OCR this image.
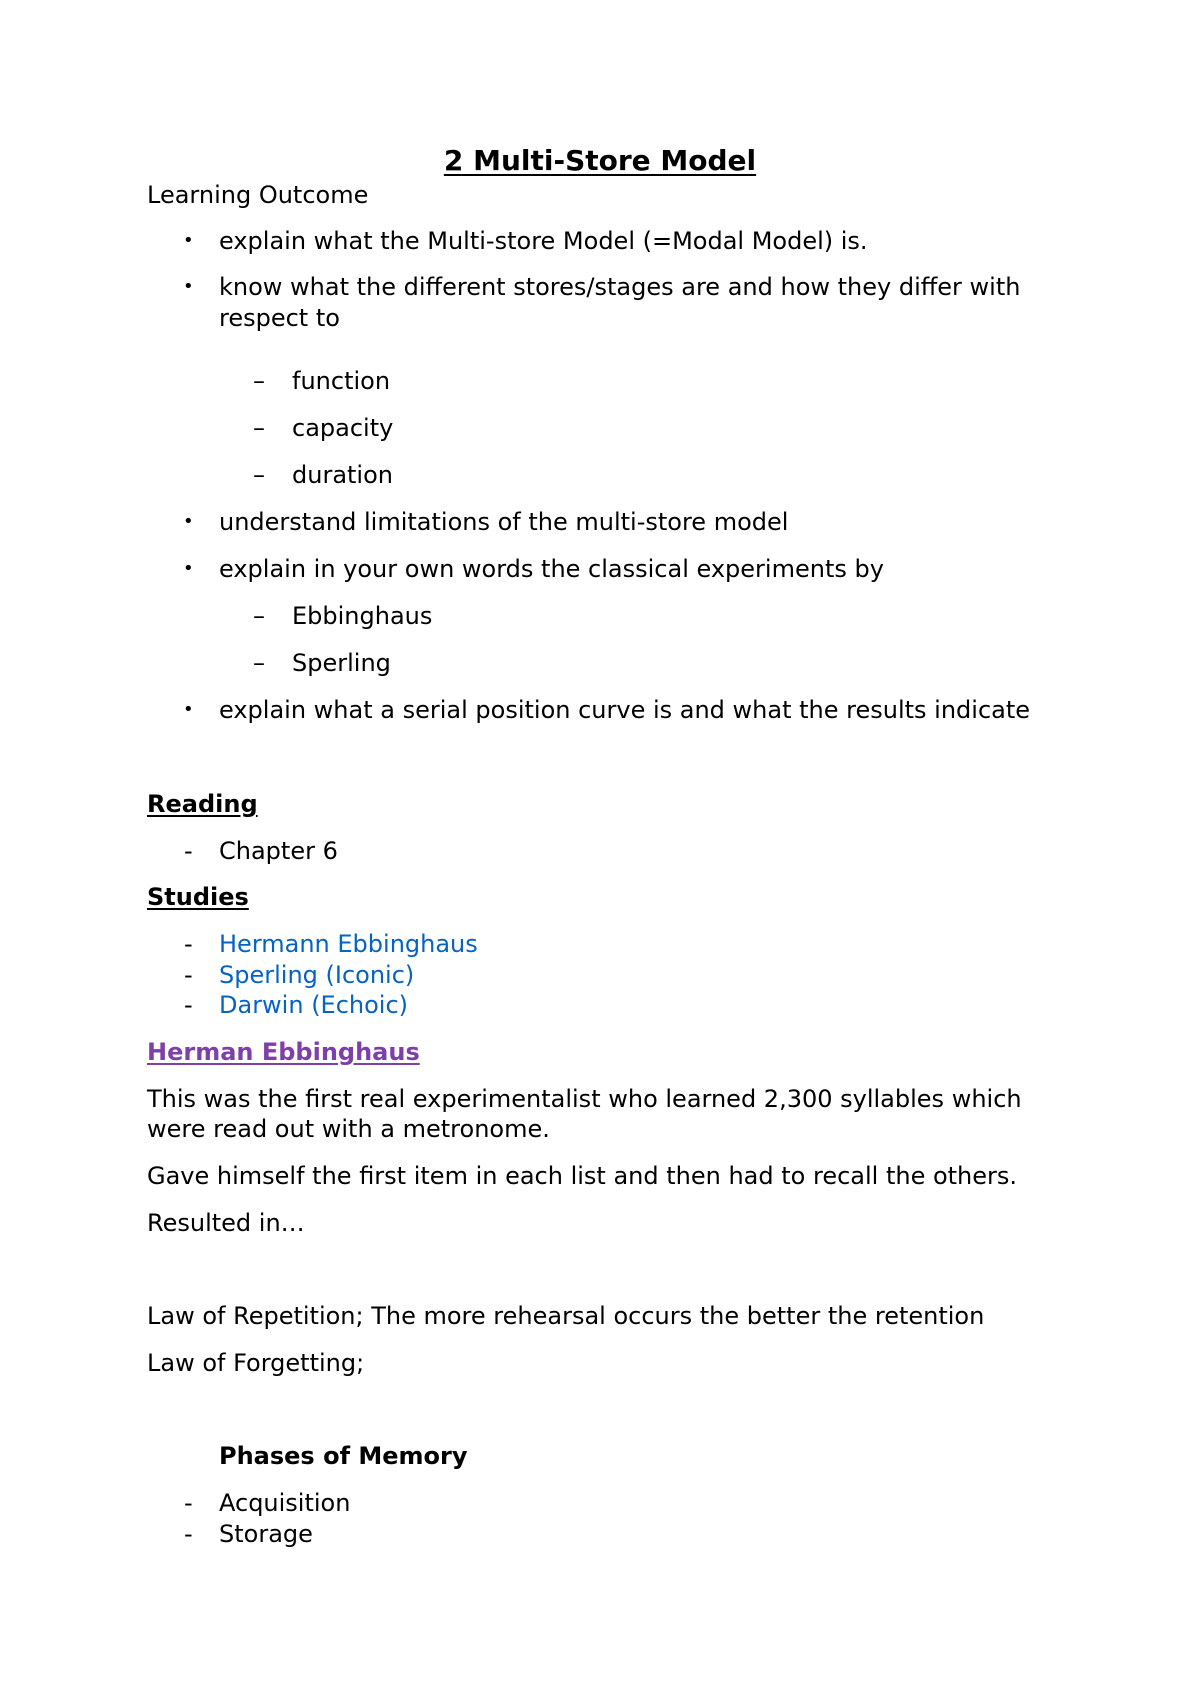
2 Multi-Store Model
Learning Outcome
• explain what the Multi-store Model (=Modal Model) is.
• know what the different stores/stages are and how they differ with
respect to
– function
– capacity
– duration
• understand limitations of the multi-store model
• explain in your own words the classical experiments by
– Ebbinghaus
– Sperling
• explain what a serial position curve is and what the results indicate
Reading
- Chapter 6
Studies
- Hermann Ebbinghaus
- Sperling (Iconic)
- Darwin (Echoic)
Herman Ebbinghaus
This was the first real experimentalist who learned 2,300 syllables which
were read out with a metronome.
Gave himself the first item in each list and then had to recall the others.
Resulted in…
Law of Repetition; The more rehearsal occurs the better the retention
Law of Forgetting;
Phases of Memory
- Acquisition
- Storage
